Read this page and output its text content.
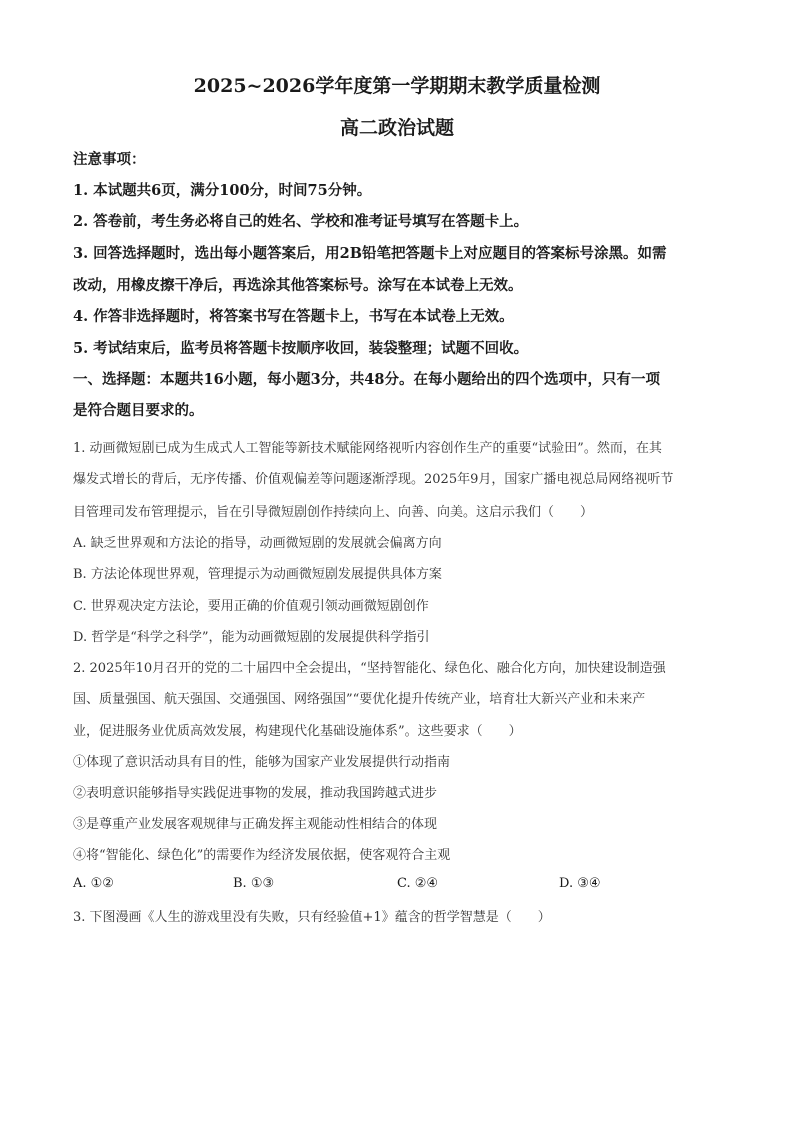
2025~2026学年度第一学期期末教学质量检测
高二政治试题
注意事项：
1. 本试题共6页，满分100分，时间75分钟。
2. 答卷前，考生务必将自己的姓名、学校和准考证号填写在答题卡上。
3. 回答选择题时，选出每小题答案后，用2B铅笔把答题卡上对应题目的答案标号涂黑。如需
改动，用橡皮擦干净后，再选涂其他答案标号。涂写在本试卷上无效。
4. 作答非选择题时，将答案书写在答题卡上，书写在本试卷上无效。
5. 考试结束后，监考员将答题卡按顺序收回，装袋整理；试题不回收。
一、选择题：本题共16小题，每小题3分，共48分。在每小题给出的四个选项中，只有一项
是符合题目要求的。
1. 动画微短剧已成为生成式人工智能等新技术赋能网络视听内容创作生产的重要“试验田”。然而，在其
爆发式增长的背后，无序传播、价值观偏差等问题逐渐浮现。2025年9月，国家广播电视总局网络视听节
目管理司发布管理提示，旨在引导微短剧创作持续向上、向善、向美。这启示我们（　　）
A. 缺乏世界观和方法论的指导，动画微短剧的发展就会偏离方向
B. 方法论体现世界观，管理提示为动画微短剧发展提供具体方案
C. 世界观决定方法论，要用正确的价值观引领动画微短剧创作
D. 哲学是“科学之科学”，能为动画微短剧的发展提供科学指引
2. 2025年10月召开的党的二十届四中全会提出，“坚持智能化、绿色化、融合化方向，加快建设制造强
国、质量强国、航天强国、交通强国、网络强国”“要优化提升传统产业，培育壮大新兴产业和未来产
业，促进服务业优质高效发展，构建现代化基础设施体系”。这些要求（　　）
①体现了意识活动具有目的性，能够为国家产业发展提供行动指南
②表明意识能够指导实践促进事物的发展，推动我国跨越式进步
③是尊重产业发展客观规律与正确发挥主观能动性相结合的体现
④将“智能化、绿色化”的需要作为经济发展依据，使客观符合主观
A. ①②	B. ①③	C. ②④	D. ③④
3. 下图漫画《人生的游戏里没有失败，只有经验值+1》蕴含的哲学智慧是（　　）
